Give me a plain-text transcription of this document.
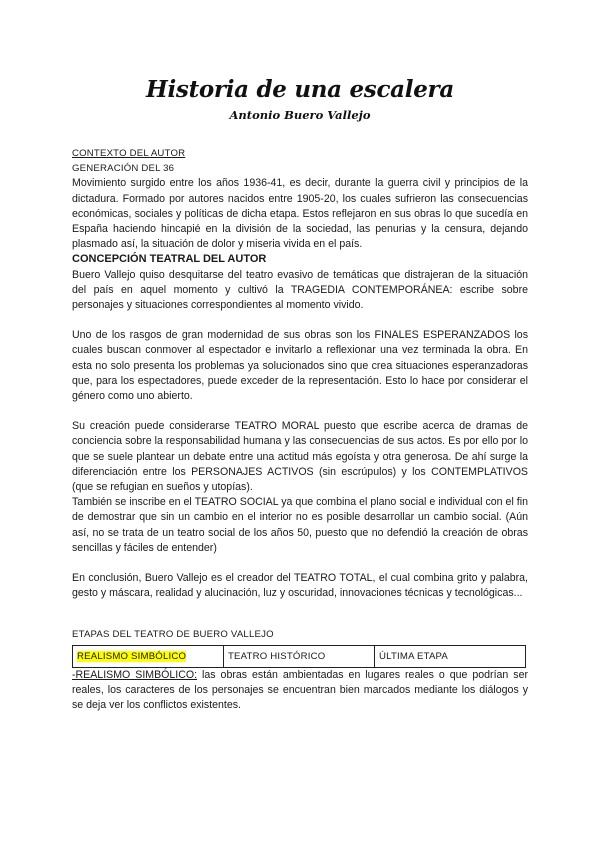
Historia de una escalera
Antonio Buero Vallejo

CONTEXTO DEL AUTOR

GENERACIÓN DEL 36

Movimiento surgido entre los años 1936-41, es decir, durante la guerra civil y principios de la dictadura. Formado por autores nacidos entre 1905-20, los cuales sufrieron las consecuencias económicas, sociales y políticas de dicha etapa. Estos reflejaron en sus obras lo que sucedía en España haciendo hincapié en la división de la sociedad, las penurias y la censura, dejando plasmado así, la situación de dolor y miseria vivida en el país.

CONCEPCIÓN TEATRAL DEL AUTOR

Buero Vallejo quiso desquitarse del teatro evasivo de temáticas que distrajeran de la situación del país en aquel momento y cultivó la TRAGEDIA CONTEMPORÁNEA: escribe sobre personajes y situaciones correspondientes al momento vivido.

Uno de los rasgos de gran modernidad de sus obras son los FINALES ESPERANZADOS los cuales buscan conmover al espectador e invitarlo a reflexionar una vez terminada la obra. En esta no solo presenta los problemas ya solucionados sino que crea situaciones esperanzadoras que, para los espectadores, puede exceder de la representación. Esto lo hace por considerar el género como uno abierto.

Su creación puede considerarse TEATRO MORAL puesto que escribe acerca de dramas de conciencia sobre la responsabilidad humana y las consecuencias de sus actos. Es por ello por lo que se suele plantear un debate entre una actitud más egoísta y otra generosa. De ahí surge la diferenciación entre los PERSONAJES ACTIVOS (sin escrúpulos) y los CONTEMPLATIVOS (que se refugian en sueños y utopías).

También se inscribe en el TEATRO SOCIAL ya que combina el plano social e individual con el fin de demostrar que sin un cambio en el interior no es posible desarrollar un cambio social. (Aún así, no se trata de un teatro social de los años 50, puesto que no defendió la creación de obras sencillas y fáciles de entender)

En conclusión, Buero Vallejo es el creador del TEATRO TOTAL, el cual combina grito y palabra, gesto y máscara, realidad y alucinación, luz y oscuridad, innovaciones técnicas y tecnológicas...

ETAPAS DEL TEATRO DE BUERO VALLEJO

REALISMO SIMBÓLICO	TEATRO HISTÓRICO	ÚLTIMA ETAPA

-REALISMO SIMBÓLICO: las obras están ambientadas en lugares reales o que podrían ser reales, los caracteres de los personajes se encuentran bien marcados mediante los diálogos y se deja ver los conflictos existentes.
